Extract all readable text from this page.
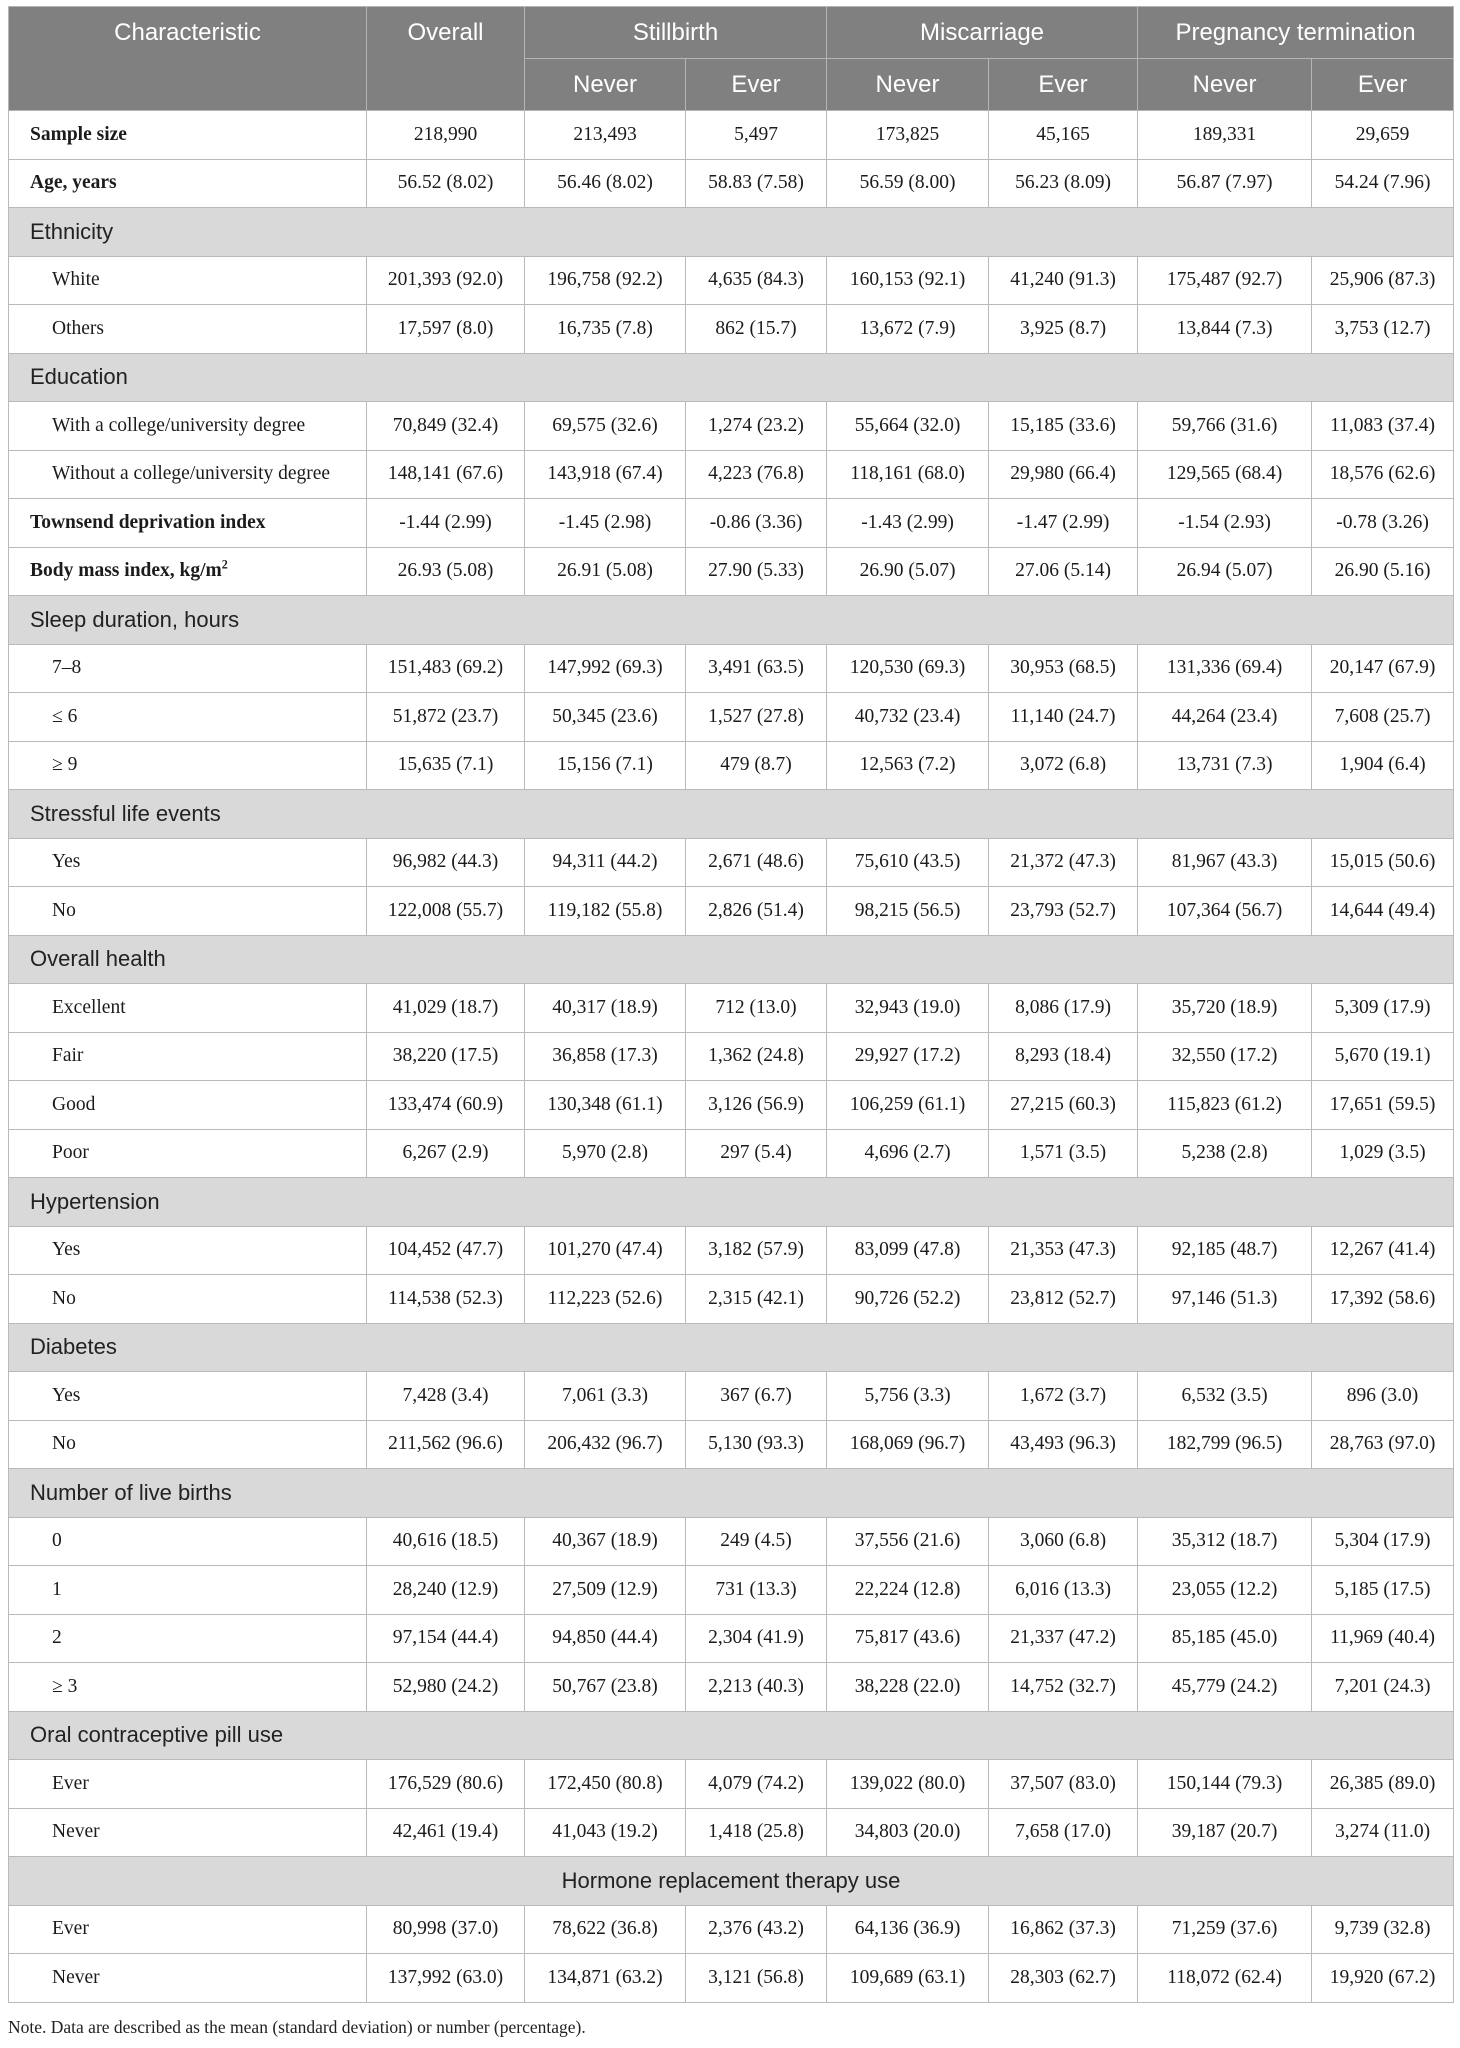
Characteristic	Overall	Stillbirth		Miscarriage		Pregnancy termination	
		Never	Ever	Never	Ever	Never	Ever
Sample size	218,990	213,493	5,497	173,825	45,165	189,331	29,659
Age, years	56.52 (8.02)	56.46 (8.02)	58.83 (7.58)	56.59 (8.00)	56.23 (8.09)	56.87 (7.97)	54.24 (7.96)
Ethnicity							
White	201,393 (92.0)	196,758 (92.2)	4,635 (84.3)	160,153 (92.1)	41,240 (91.3)	175,487 (92.7)	25,906 (87.3)
Others	17,597 (8.0)	16,735 (7.8)	862 (15.7)	13,672 (7.9)	3,925 (8.7)	13,844 (7.3)	3,753 (12.7)
Education							
With a college/university degree	70,849 (32.4)	69,575 (32.6)	1,274 (23.2)	55,664 (32.0)	15,185 (33.6)	59,766 (31.6)	11,083 (37.4)
Without a college/university degree	148,141 (67.6)	143,918 (67.4)	4,223 (76.8)	118,161 (68.0)	29,980 (66.4)	129,565 (68.4)	18,576 (62.6)
Townsend deprivation index	-1.44 (2.99)	-1.45 (2.98)	-0.86 (3.36)	-1.43 (2.99)	-1.47 (2.99)	-1.54 (2.93)	-0.78 (3.26)
Body mass index, $kg/m^2$	26.93 (5.08)	26.91 (5.08)	27.90 (5.33)	26.90 (5.07)	27.06 (5.14)	26.94 (5.07)	26.90 (5.16)
Sleep duration, hours							
7–8	151,483 (69.2)	147,992 (69.3)	3,491 (63.5)	120,530 (69.3)	30,953 (68.5)	131,336 (69.4)	20,147 (67.9)
≤ 6	51,872 (23.7)	50,345 (23.6)	1,527 (27.8)	40,732 (23.4)	11,140 (24.7)	44,264 (23.4)	7,608 (25.7)
≥ 9	15,635 (7.1)	15,156 (7.1)	479 (8.7)	12,563 (7.2)	3,072 (6.8)	13,731 (7.3)	1,904 (6.4)
Stressful life events							
Yes	96,982 (44.3)	94,311 (44.2)	2,671 (48.6)	75,610 (43.5)	21,372 (47.3)	81,967 (43.3)	15,015 (50.6)
No	122,008 (55.7)	119,182 (55.8)	2,826 (51.4)	98,215 (56.5)	23,793 (52.7)	107,364 (56.7)	14,644 (49.4)
Overall health							
Excellent	41,029 (18.7)	40,317 (18.9)	712 (13.0)	32,943 (19.0)	8,086 (17.9)	35,720 (18.9)	5,309 (17.9)
Fair	38,220 (17.5)	36,858 (17.3)	1,362 (24.8)	29,927 (17.2)	8,293 (18.4)	32,550 (17.2)	5,670 (19.1)
Good	133,474 (60.9)	130,348 (61.1)	3,126 (56.9)	106,259 (61.1)	27,215 (60.3)	115,823 (61.2)	17,651 (59.5)
Poor	6,267 (2.9)	5,970 (2.8)	297 (5.4)	4,696 (2.7)	1,571 (3.5)	5,238 (2.8)	1,029 (3.5)
Hypertension							
Yes	104,452 (47.7)	101,270 (47.4)	3,182 (57.9)	83,099 (47.8)	21,353 (47.3)	92,185 (48.7)	12,267 (41.4)
No	114,538 (52.3)	112,223 (52.6)	2,315 (42.1)	90,726 (52.2)	23,812 (52.7)	97,146 (51.3)	17,392 (58.6)
Diabetes							
Yes	7,428 (3.4)	7,061 (3.3)	367 (6.7)	5,756 (3.3)	1,672 (3.7)	6,532 (3.5)	896 (3.0)
No	211,562 (96.6)	206,432 (96.7)	5,130 (93.3)	168,069 (96.7)	43,493 (96.3)	182,799 (96.5)	28,763 (97.0)
Number of live births							
0	40,616 (18.5)	40,367 (18.9)	249 (4.5)	37,556 (21.6)	3,060 (6.8)	35,312 (18.7)	5,304 (17.9)
1	28,240 (12.9)	27,509 (12.9)	731 (13.3)	22,224 (12.8)	6,016 (13.3)	23,055 (12.2)	5,185 (17.5)
2	97,154 (44.4)	94,850 (44.4)	2,304 (41.9)	75,817 (43.6)	21,337 (47.2)	85,185 (45.0)	11,969 (40.4)
≥ 3	52,980 (24.2)	50,767 (23.8)	2,213 (40.3)	38,228 (22.0)	14,752 (32.7)	45,779 (24.2)	7,201 (24.3)
Oral contraceptive pill use							
Ever	176,529 (80.6)	172,450 (80.8)	4,079 (74.2)	139,022 (80.0)	37,507 (83.0)	150,144 (79.3)	26,385 (89.0)
Never	42,461 (19.4)	41,043 (19.2)	1,418 (25.8)	34,803 (20.0)	7,658 (17.0)	39,187 (20.7)	3,274 (11.0)
Hormone replacement therapy use							
Ever	80,998 (37.0)	78,622 (36.8)	2,376 (43.2)	64,136 (36.9)	16,862 (37.3)	71,259 (37.6)	9,739 (32.8)
Never	137,992 (63.0)	134,871 (63.2)	3,121 (56.8)	109,689 (63.1)	28,303 (62.7)	118,072 (62.4)	19,920 (67.2)
Note. Data are described as the mean (standard deviation) or number (percentage).
